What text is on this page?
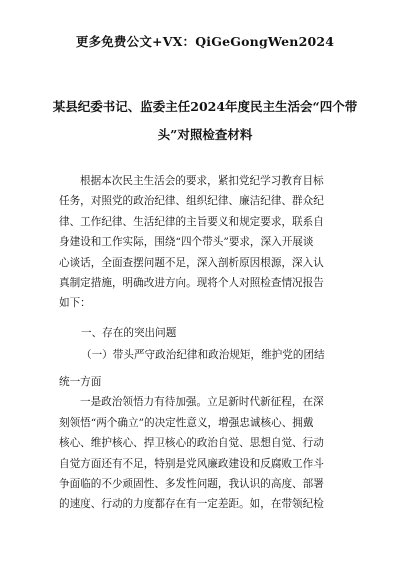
更多免费公文+VX：QiGeGongWen2024
某县纪委书记、监委主任2024年度民主生活会“四个带
头”对照检查材料
根据本次民主生活会的要求，紧扣党纪学习教育目标
任务，对照党的政治纪律、组织纪律、廉洁纪律、群众纪
律、工作纪律、生活纪律的主旨要义和规定要求，联系自
身建设和工作实际，围绕“四个带头”要求，深入开展谈
心谈话，全面查摆问题不足，深入剖析原因根源，深入认
真制定措施，明确改进方向。现将个人对照检查情况报告
如下：
一、存在的突出问题
（一）带头严守政治纪律和政治规矩，维护党的团结
统一方面
一是政治领悟力有待加强。立足新时代新征程，在深
刻领悟“两个确立”的决定性意义，增强忠诚核心、拥戴
核心、维护核心、捍卫核心的政治自觉、思想自觉、行动
自觉方面还有不足，特别是党风廉政建设和反腐败工作斗
争面临的不少顽固性、多发性问题，我认识的高度、部署
的速度、行动的力度都存在有一定差距。如，在带领纪检
